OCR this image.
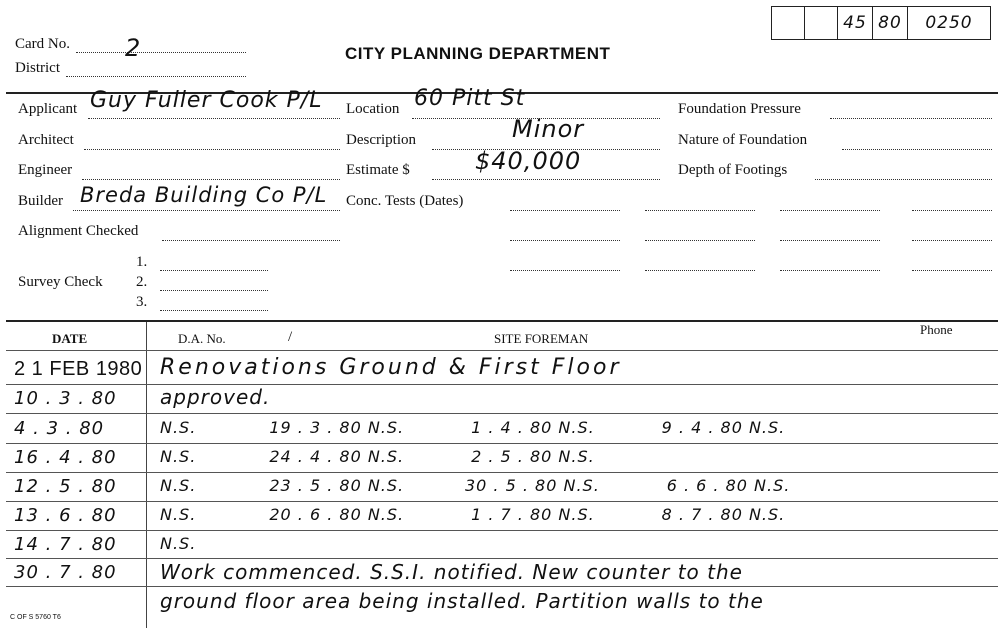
45 80	0250
Card No. 2
District
CITY PLANNING DEPARTMENT
Applicant Guy Fuller Cook P/L
Architect
Engineer
Builder Breda Building Co P/L
Alignment Checked
Survey Check
1.
2.
3.
Location 60 Pitt St
Description	Minor
Estimate $	$40,000
Conc. Tests (Dates)
Foundation Pressure
Nature of Foundation
Depth of Footings
DATE	D.A. No.	/	SITE FOREMAN
Phone
2 1 FEB 1980 Renovations Ground & First Floor
10 . 3 . 80 approved.
4 . 3 . 80	N.S.            19 . 3 . 80 N.S.           1 . 4 . 80 N.S.           9 . 4 . 80 N.S.
16 . 4 . 80	N.S.            24 . 4 . 80 N.S.           2 . 5 . 80 N.S.
12 . 5 . 80	N.S.            23 . 5 . 80 N.S.          30 . 5 . 80 N.S.           6 . 6 . 80 N.S.
13 . 6 . 80	N.S.            20 . 6 . 80 N.S.           1 . 7 . 80 N.S.           8 . 7 . 80 N.S.
14 . 7 . 80	N.S.
30 . 7 . 80 Work commenced. S.S.I. notified. New counter to the
ground floor area being installed. Partition walls to the
C OF S 5760 T6
